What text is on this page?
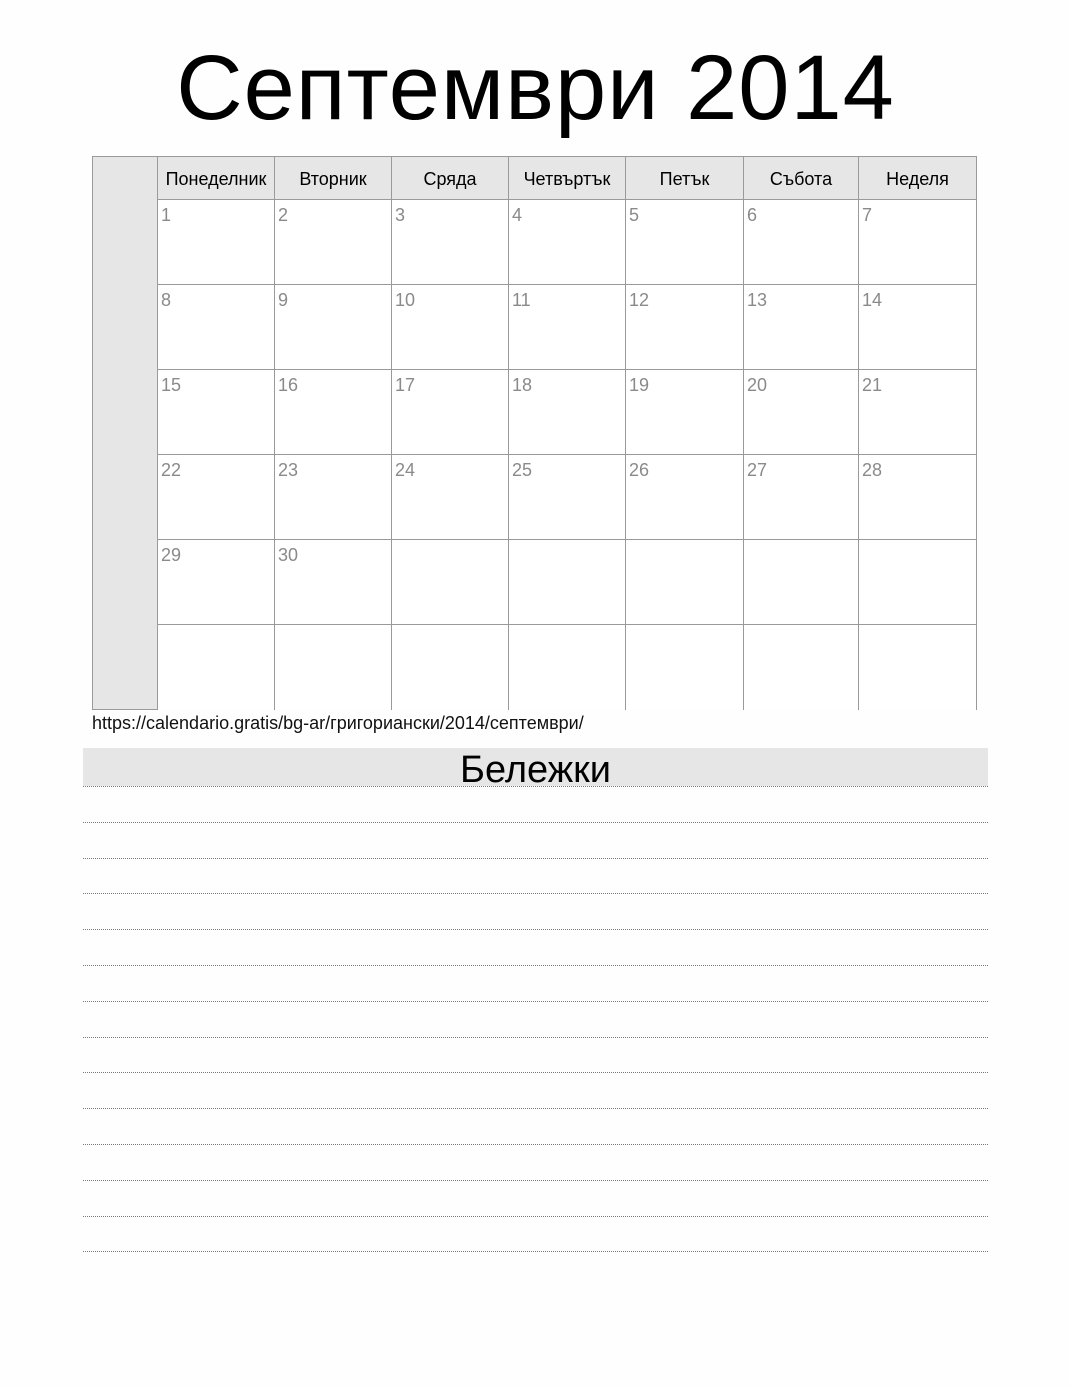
Септември 2014
Понеделник	Вторник	Сряда	Четвъртък	Петък	Събота	Неделя
1	2	3	4	5	6	7
8	9	10	11	12	13	14
15	16	17	18	19	20	21
22	23	24	25	26	27	28
29	30
https://calendario.gratis/bg-ar/григориански/2014/септември/
Бележки
